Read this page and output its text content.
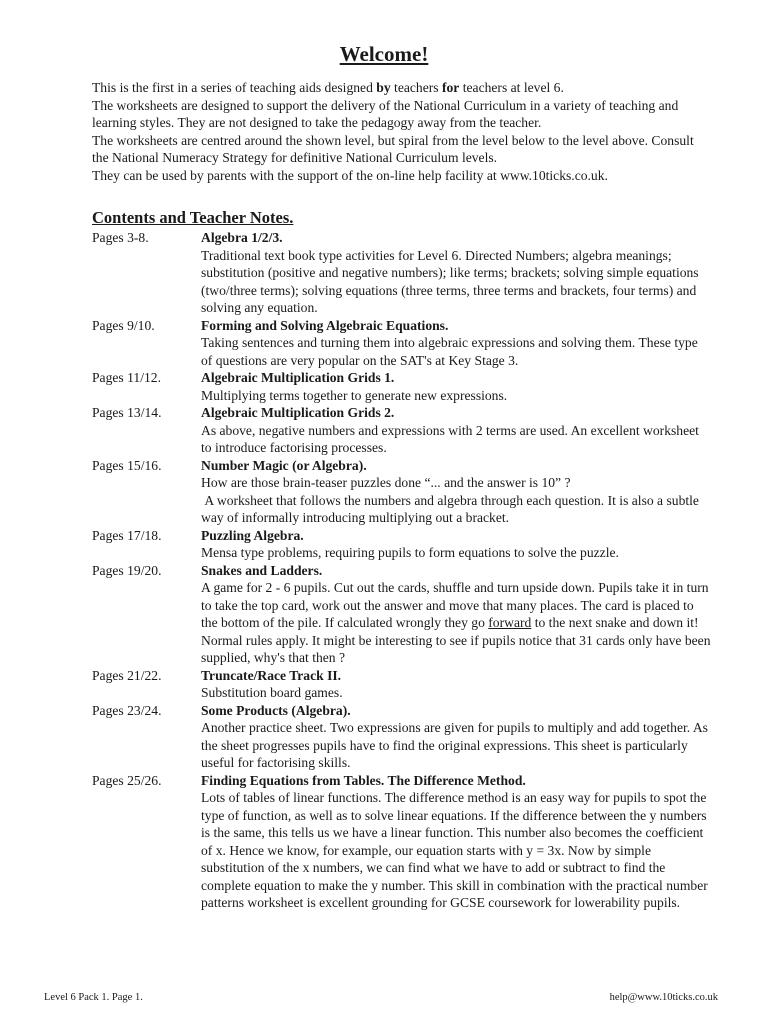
Welcome!

This is the first in a series of teaching aids designed by teachers for teachers at level 6.

The worksheets are designed to support the delivery of the National Curriculum in a variety of teaching and learning styles. They are not designed to take the pedagogy away from the teacher.

The worksheets are centred around the shown level, but spiral from the level below to the level above. Consult the National Numeracy Strategy for definitive National Curriculum levels.

They can be used by parents with the support of the on-line help facility at www.10ticks.co.uk.

Contents and Teacher Notes.
Pages 3-8.	Algebra 1/2/3.

Traditional text book type activities for Level 6. Directed Numbers; algebra meanings; substitution (positive and negative numbers); like terms; brackets; solving simple equations (two/three terms); solving equations (three terms, three terms and brackets, four terms) and solving any equation.

Pages 9/10.	Forming and Solving Algebraic Equations.

Taking sentences and turning them into algebraic expressions and solving them. These type of questions are very popular on the SAT's at Key Stage 3.

Pages 11/12.	Algebraic Multiplication Grids 1.

Multiplying terms together to generate new expressions.

Pages 13/14.	Algebraic Multiplication Grids 2.

As above, negative numbers and expressions with 2 terms are used. An excellent worksheet to introduce factorising processes.

Pages 15/16.	Number Magic (or Algebra).

How are those brain-teaser puzzles done “... and the answer is 10” ?

A worksheet that follows the numbers and algebra through each question. It is also a subtle way of informally introducing multiplying out a bracket.

Pages 17/18.	Puzzling Algebra.

Mensa type problems, requiring pupils to form equations to solve the puzzle.

Pages 19/20.	Snakes and Ladders.

A game for 2 - 6 pupils. Cut out the cards, shuffle and turn upside down. Pupils take it in turn to take the top card, work out the answer and move that many places. The card is placed to the bottom of the pile. If calculated wrongly they go forward to the next snake and down it! Normal rules apply. It might be interesting to see if pupils notice that 31 cards only have been supplied, why's that then ?

Pages 21/22.	Truncate/Race Track II.

Substitution board games.

Pages 23/24.	Some Products (Algebra).

Another practice sheet. Two expressions are given for pupils to multiply and add together. As the sheet progresses pupils have to find the original expressions. This sheet is particularly useful for factorising skills.

Pages 25/26.	Finding Equations from Tables. The Difference Method.

Lots of tables of linear functions. The difference method is an easy way for pupils to spot the type of function, as well as to solve linear equations. If the difference between the y numbers is the same, this tells us we have a linear function. This number also becomes the coefficient of x. Hence we know, for example, our equation starts with y = 3x. Now by simple substitution of the x numbers, we can find what we have to add or subtract to find the complete equation to make the y number. This skill in combination with the practical number patterns worksheet is excellent grounding for GCSE coursework for lowerability pupils.

Level 6 Pack 1. Page 1.	help@www.10ticks.co.uk
